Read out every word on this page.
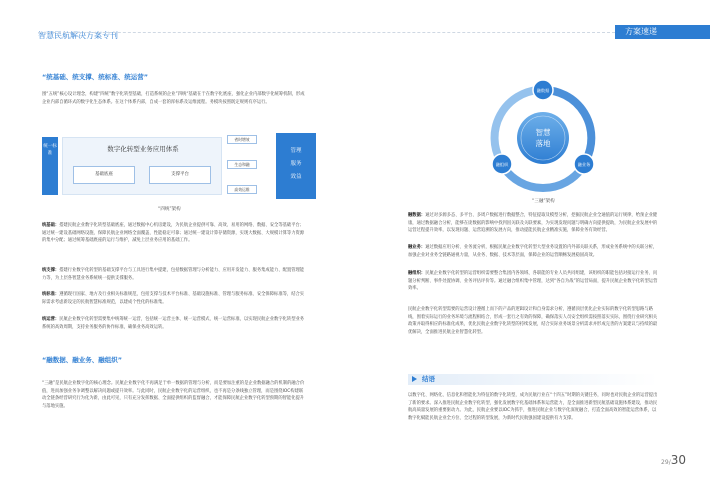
智慧民航解决方案专刊	方案速递
“统基础、统支撑、统标准、统运营”
围“五统”核心设计理念，构建“四统”数字化转型基础，打造系统的企业”四统“基础在于在数字化底座，强化企业内部数字化统筹机制，形成企业内部自循环式的数字化生态体系。在这个体系内部，自成一套的浑标系及运维流程。务模块按照既定规则有序运行。
统一标准
数字化转型业务应用体系
基础底座	支撑平台
省时增效
生态和融
高效运维
管理
服务
效益
“四统”架构
统基础：搭建民航企业数字化转型基础底座，通过数据中心机房建设，为民航企业提供可靠、高效、易用的网络、数据、安全等基础平台；通过统一建设基础网络设施，保障民航企业网络全面覆盖、性能稳定可靠；通过统一建设计算存储资源，实现大数据、大规模计算等力资源的集中分配；通过统筹基础底座的运行与维护，减免上层业务应用的基础工作。
统支撑：搭建行业数字化转型的基础支撑平台与工具进行集中提建，包括数据管理与分析能力、应用开发能力、服务集成能力、配置管理能力等，为上层各智慧业务系统统一提供支撑服务。
统标准：遵循现行国家、地方及行业相关标准规范，包括支撑与技术平台标准、基础设施标准、管理与服务标准、安全保障标准等，结合实际需求考虑新设定的民航智慧标准规范，以建成个性化的标准集。
统运营：民航企业数字化转型需要集中统筹统一运营，包括统一运营主体、统一运营模式、统一运营标准，以实现民航企业数字化转型业务系统的高效周期，支持业务服务的协作标准，确保业务高效运转。
“融数据、融业务、融组织”
“三融”是民航企业数字化的核心理念。民航企业数字化不再满足于单一数据的管理与分析，而是要加注重的是企业数据融合的机制的融合价值，进而加强业务争调整以解决问题或提升效率。与此同时，民航企业数字化的运营组织，也不再是分条线独立管理，而是围绕IOC构建联动全链条经营研究行为化为新，由此可见，只有充分发挥数据、全面提供组织的监督融合，才能保障民航企业数字化转型预期的智能化提升与落地实施。
智慧
落地
融数据
融业务
融组织
“三融”架构
融数据：通过对多源多态、多平台、多周户数据进行数据整合，特征提取及模型分析，挖掘民航企业全通值的运行规律，给预企业健康，通过数据融合分析，能够在庞数据的影响中找到因关联及关联要素，为实现发现问题与明确方向提供提助，为民航企业发展中的运营过程提升效率，以发现问题、运营追溯的发展方向，推动提能民航企业精准实施，保障业务有效经营。
融业务：通过数据应用分析、业务流分析，根据民航企业数字化转型大型业务设置的内外部关联关系，形成业务系统中的关联分析，加强企业对业务全链路通视力量，从业务、数据、技术等层面，保障企业的运营顺畅发展稳固高效。
融组织：民航企业数字化转型的运营组织需要整合集团内各领域、各职能的专业人员共同组建，该组织的职能包括对接运行业务、问题分析判断、事件处置协调、业务评估评价等。通过融合组织集中管理，达到“各自为战”的运营局面，提升民航企业数字化转型运营效率。
民航企业数字化转型需要的运营设计遵循上而下的产品的逻辑设计和自身需求分析，遵循顶层优化企业实际的数字化转型思路与路线，围着实际运行的业务环境与流程相结合，形成一套行之有效的保障，确保落实人员安全组织需按照落实实际，围绕行业研究相关政策并取得相应的标准化成果，优化民航企业数字化转型的持续发展，结合实际业务场景分析需求并形成完善的方案建议与持续的最优解决，全面推进民航企业智慧化转型。
结语
以数字化、网络化、信息化和智能化为特征的数字化转型，成为民航行业在“十四五”时期的关键任务，同时也对民航企业的运营提出了新的要求。深入推进民航企业数字化转型，强化发展数字化基础体系和运营能力，是全面推进新型民航基础设施体系建设，推动民航高质量发展的重要驱动力。为此，民航企业要以IOC为抓手，推进民航企业与数字化深度融合，打造全面高效的智能运营体系，以数字化赋能民航企业全方位、全过程的转型发展，为新时代民航强国建设提供有力支撑。
29/30
